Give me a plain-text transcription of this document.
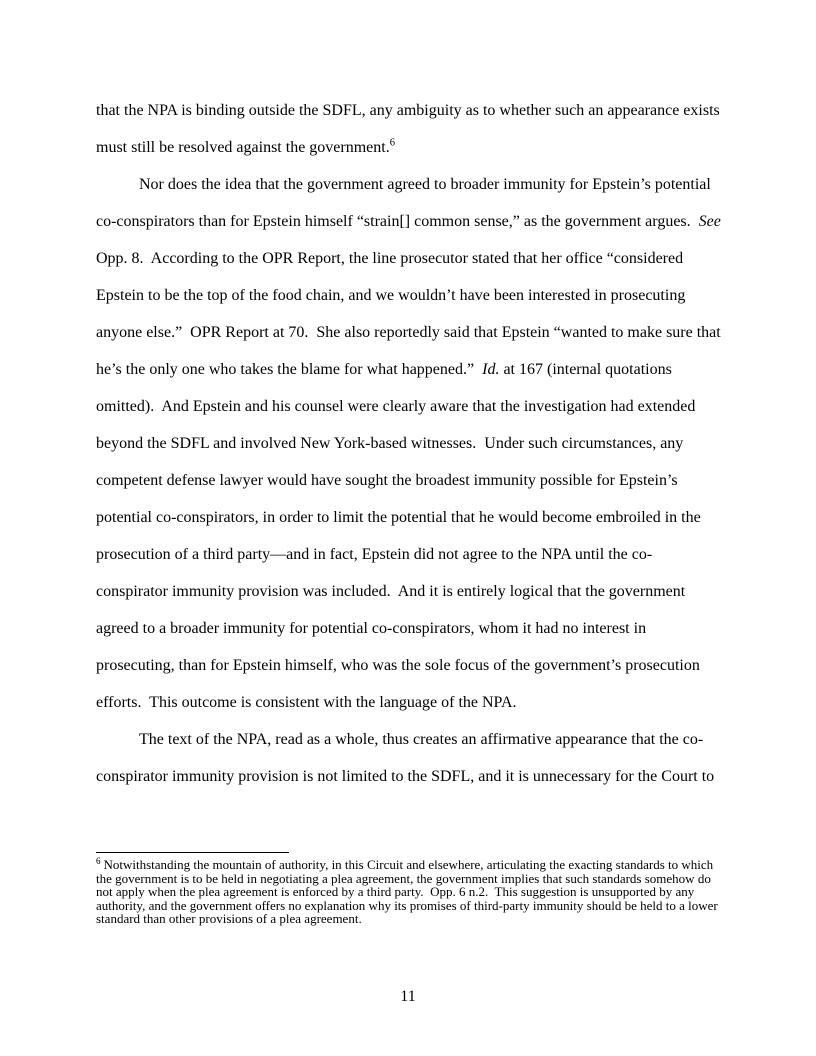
that the NPA is binding outside the SDFL, any ambiguity as to whether such an appearance exists must still be resolved against the government.$^6$

Nor does the idea that the government agreed to broader immunity for Epstein’s potential co-conspirators than for Epstein himself “strain[] common sense,” as the government argues.  See Opp. 8.  According to the OPR Report, the line prosecutor stated that her office “considered Epstein to be the top of the food chain, and we wouldn’t have been interested in prosecuting anyone else.”  OPR Report at 70.  She also reportedly said that Epstein “wanted to make sure that he’s the only one who takes the blame for what happened.”  Id. at 167 (internal quotations omitted).  And Epstein and his counsel were clearly aware that the investigation had extended beyond the SDFL and involved New York-based witnesses.  Under such circumstances, any competent defense lawyer would have sought the broadest immunity possible for Epstein’s potential co-conspirators, in order to limit the potential that he would become embroiled in the prosecution of a third party—and in fact, Epstein did not agree to the NPA until the co-conspirator immunity provision was included.  And it is entirely logical that the government agreed to a broader immunity for potential co-conspirators, whom it had no interest in prosecuting, than for Epstein himself, who was the sole focus of the government’s prosecution efforts.  This outcome is consistent with the language of the NPA.

The text of the NPA, read as a whole, thus creates an affirmative appearance that the co-conspirator immunity provision is not limited to the SDFL, and it is unnecessary for the Court to

$^6$ Notwithstanding the mountain of authority, in this Circuit and elsewhere, articulating the exacting standards to which the government is to be held in negotiating a plea agreement, the government implies that such standards somehow do not apply when the plea agreement is enforced by a third party.  Opp. 6 n.2.  This suggestion is unsupported by any authority, and the government offers no explanation why its promises of third-party immunity should be held to a lower standard than other provisions of a plea agreement.

11
